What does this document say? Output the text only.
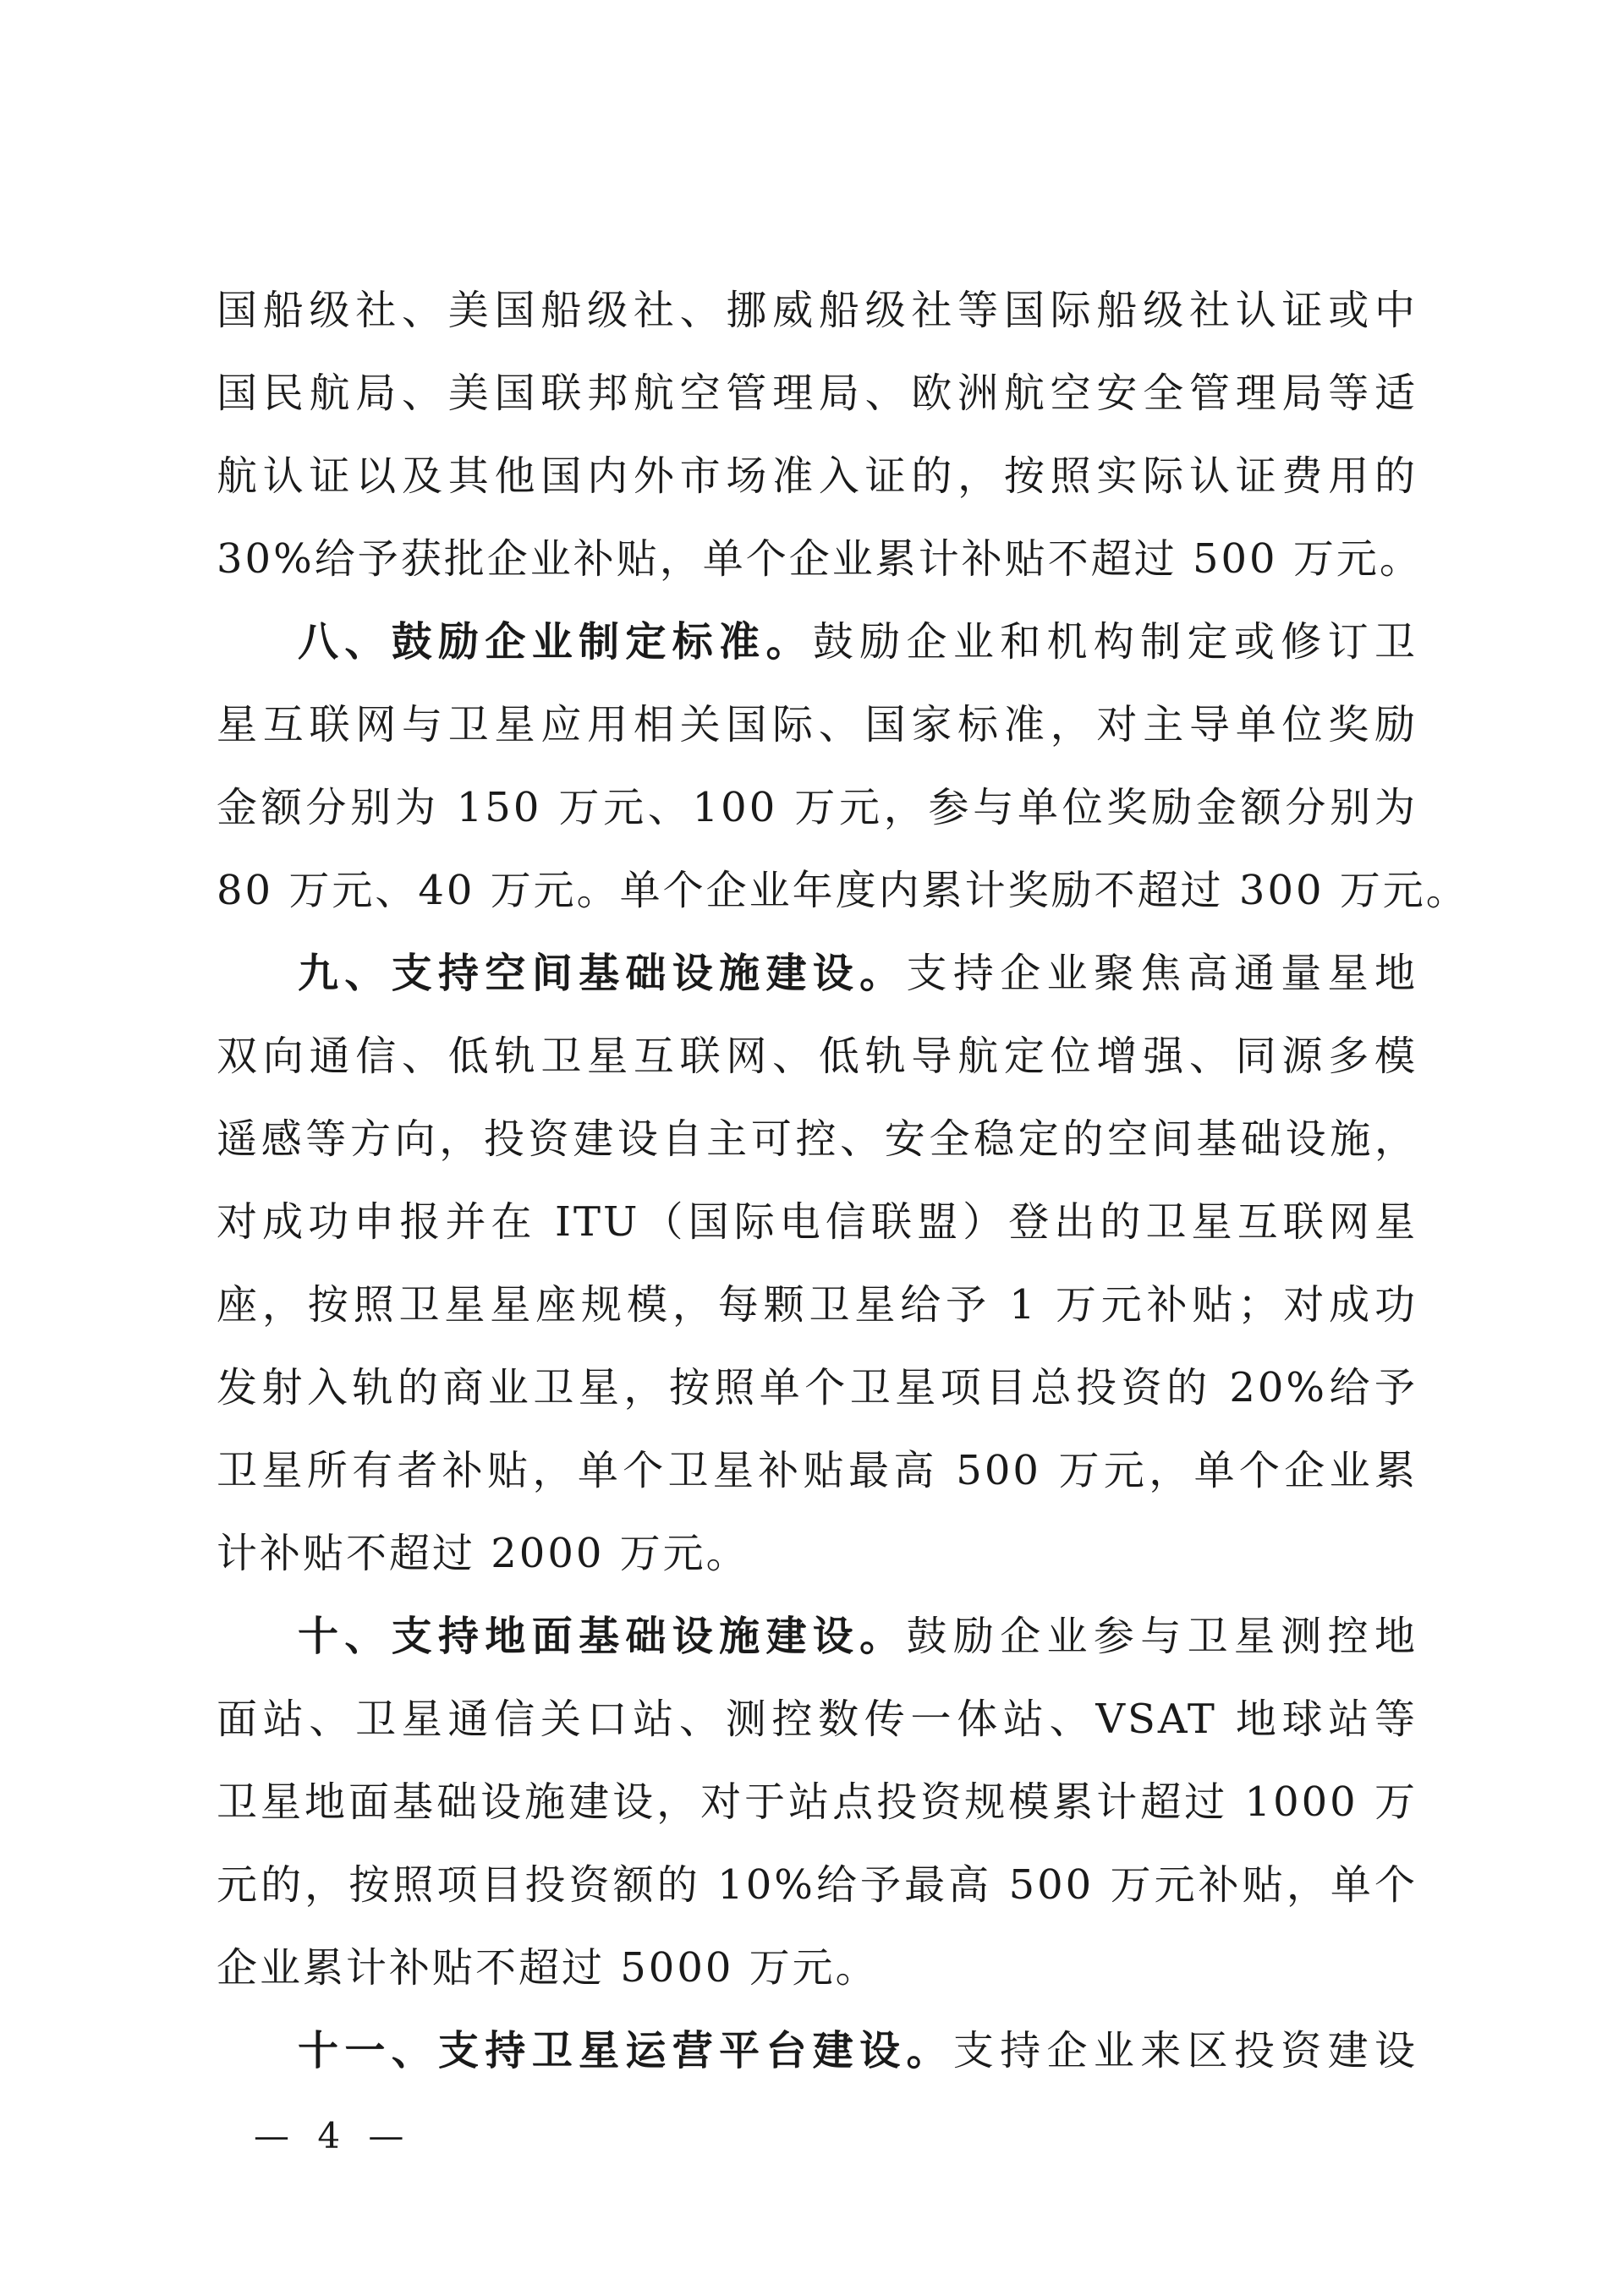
国船级社、美国船级社、挪威船级社等国际船级社认证或中
国民航局、美国联邦航空管理局、欧洲航空安全管理局等适
航认证以及其他国内外市场准入证的，按照实际认证费用的
30%给予获批企业补贴，单个企业累计补贴不超过 500 万元。
八、鼓励企业制定标准。鼓励企业和机构制定或修订卫
星互联网与卫星应用相关国际、国家标准，对主导单位奖励
金额分别为 150 万元、100 万元，参与单位奖励金额分别为
80 万元、40 万元。单个企业年度内累计奖励不超过 300 万元。
九、支持空间基础设施建设。支持企业聚焦高通量星地
双向通信、低轨卫星互联网、低轨导航定位增强、同源多模
遥感等方向，投资建设自主可控、安全稳定的空间基础设施，
对成功申报并在 ITU（国际电信联盟）登出的卫星互联网星
座，按照卫星星座规模，每颗卫星给予 1 万元补贴；对成功
发射入轨的商业卫星，按照单个卫星项目总投资的 20%给予
卫星所有者补贴，单个卫星补贴最高 500 万元，单个企业累
计补贴不超过 2000 万元。
十、支持地面基础设施建设。鼓励企业参与卫星测控地
面站、卫星通信关口站、测控数传一体站、VSAT 地球站等
卫星地面基础设施建设，对于站点投资规模累计超过 1000 万
元的，按照项目投资额的 10%给予最高 500 万元补贴，单个
企业累计补贴不超过 5000 万元。
十一、支持卫星运营平台建设。支持企业来区投资建设
— 4 —
